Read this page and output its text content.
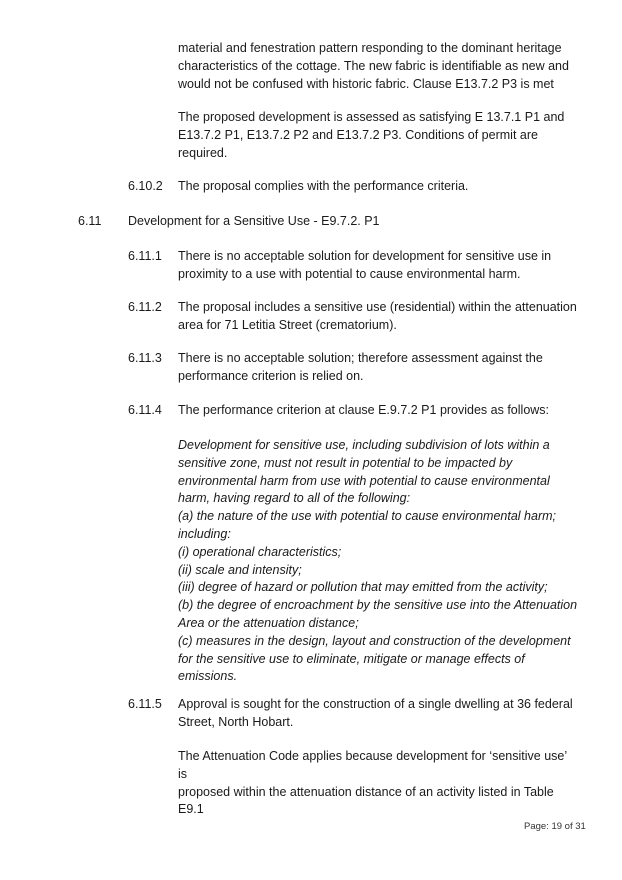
material and fenestration pattern responding to the dominant heritage
characteristics of the cottage. The new fabric is identifiable as new and
would not be confused with historic fabric. Clause E13.7.2 P3 is met
The proposed development is assessed as satisfying E 13.7.1 P1 and
E13.7.2 P1, E13.7.2 P2 and E13.7.2 P3. Conditions of permit are
required.
6.10.2 The proposal complies with the performance criteria.
6.11 Development for a Sensitive Use - E9.7.2. P1
6.11.1 There is no acceptable solution for development for sensitive use in
proximity to a use with potential to cause environmental harm.
6.11.2 The proposal includes a sensitive use (residential) within the attenuation
area for 71 Letitia Street (crematorium).
6.11.3 There is no acceptable solution; therefore assessment against the
performance criterion is relied on.
6.11.4 The performance criterion at clause E.9.7.2 P1 provides as follows:
Development for sensitive use, including subdivision of lots within a
sensitive zone, must not result in potential to be impacted by
environmental harm from use with potential to cause environmental
harm, having regard to all of the following:
(a) the nature of the use with potential to cause environmental harm;
including:
(i) operational characteristics;
(ii) scale and intensity;
(iii) degree of hazard or pollution that may emitted from the activity;
(b) the degree of encroachment by the sensitive use into the Attenuation
Area or the attenuation distance;
(c) measures in the design, layout and construction of the development
for the sensitive use to eliminate, mitigate or manage effects of
emissions.
6.11.5 Approval is sought for the construction of a single dwelling at 36 federal
Street, North Hobart.
The Attenuation Code applies because development for ‘sensitive use’ is
proposed within the attenuation distance of an activity listed in Table E9.1
Page: 19 of 31
